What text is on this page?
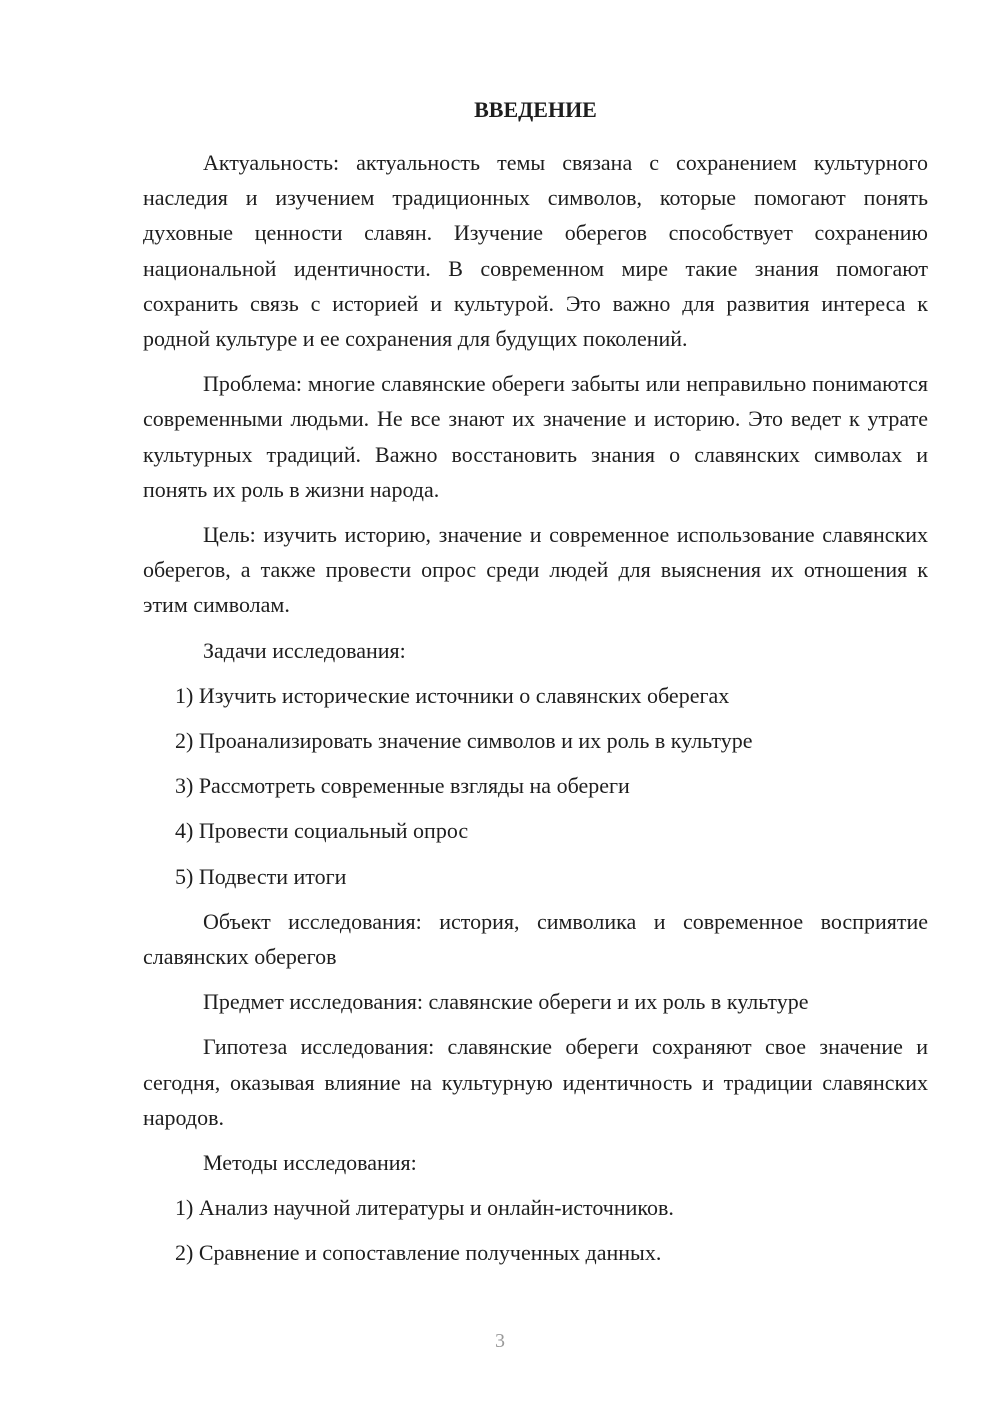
ВВЕДЕНИЕ

Актуальность: актуальность темы связана с сохранением культурного наследия и изучением традиционных символов, которые помогают понять духовные ценности славян. Изучение оберегов способствует сохранению национальной идентичности. В современном мире такие знания помогают сохранить связь с историей и культурой. Это важно для развития интереса к родной культуре и ее сохранения для будущих поколений.

Проблема: многие славянские обереги забыты или неправильно понимаются современными людьми. Не все знают их значение и историю. Это ведет к утрате культурных традиций. Важно восстановить знания о славянских символах и понять их роль в жизни народа.

Цель: изучить историю, значение и современное использование славянских оберегов, а также провести опрос среди людей для выяснения их отношения к этим символам.

Задачи исследования:

1) Изучить исторические источники о славянских оберегах
2) Проанализировать значение символов и их роль в культуре
3) Рассмотреть современные взгляды на обереги
4) Провести социальный опрос
5) Подвести итоги

Объект исследования: история, символика и современное восприятие славянских оберегов

Предмет исследования: славянские обереги и их роль в культуре

Гипотеза исследования: славянские обереги сохраняют свое значение и сегодня, оказывая влияние на культурную идентичность и традиции славянских народов.

Методы исследования:

1) Анализ научной литературы и онлайн-источников.
2) Сравнение и сопоставление полученных данных.
3
